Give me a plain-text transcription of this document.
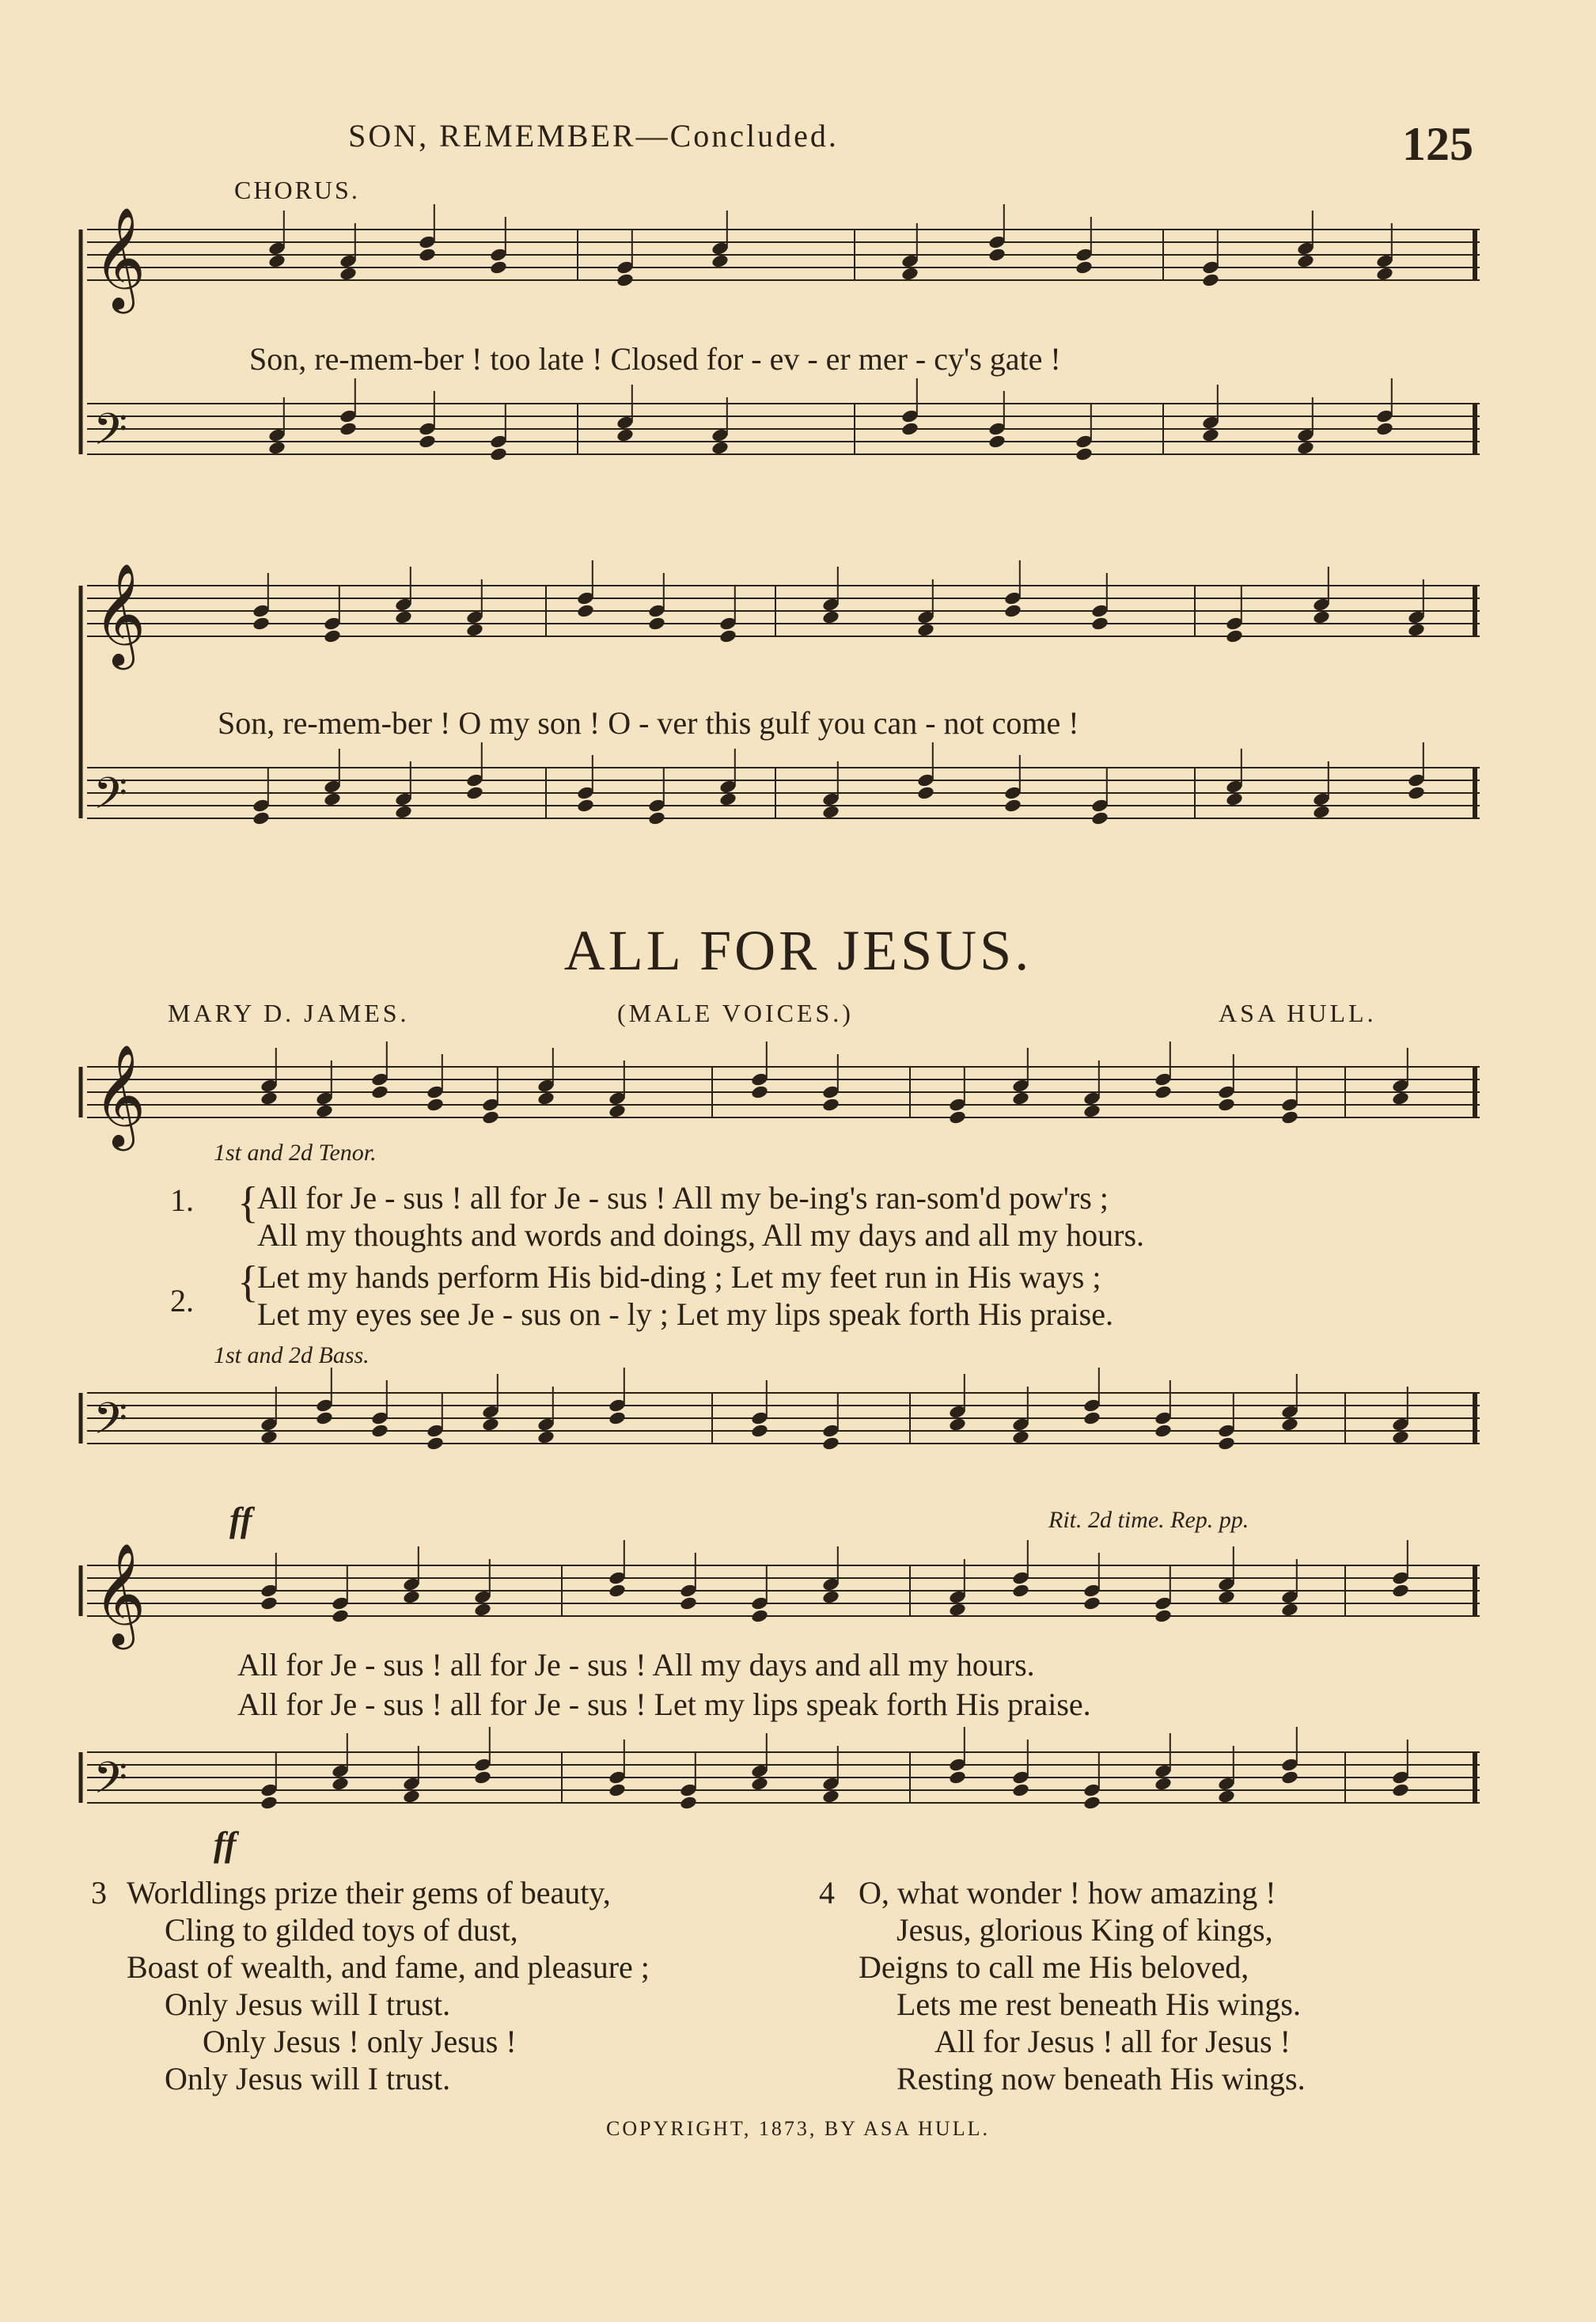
SON, REMEMBER—Concluded.	125
CHORUS.
𝄞
𝄢
Son, re-mem-ber ! too late ! Closed for - ev - er mer - cy's gate !
𝄞
𝄢
Son, re-mem-ber ! O my son ! O - ver this gulf you can - not come !
ALL FOR JESUS.
MARY D. JAMES.	(MALE VOICES.)	ASA HULL.
𝄞
1st and 2d Tenor.
1. {
All for Je - sus ! all for Je - sus ! All my be-ing's ran-som'd pow'rs ;
All my thoughts and words and doings, All my days and all my hours.
2. {
Let my hands perform His bid-ding ; Let my feet run in His ways ;
Let my eyes see Je - sus on - ly ; Let my lips speak forth His praise.
1st and 2d Bass.
𝄢
ff	Rit. 2d time. Rep. pp.
𝄞
All for Je - sus ! all for Je - sus ! All my days and all my hours.
All for Je - sus ! all for Je - sus ! Let my lips speak forth His praise.
𝄢
ff
3 Worldlings prize their gems of beauty,
Cling to gilded toys of dust,
Boast of wealth, and fame, and pleasure ;
Only Jesus will I trust.
Only Jesus ! only Jesus !
Only Jesus will I trust.
4 O, what wonder ! how amazing !
Jesus, glorious King of kings,
Deigns to call me His beloved,
Lets me rest beneath His wings.
All for Jesus ! all for Jesus !
Resting now beneath His wings.
COPYRIGHT, 1873, BY ASA HULL.
